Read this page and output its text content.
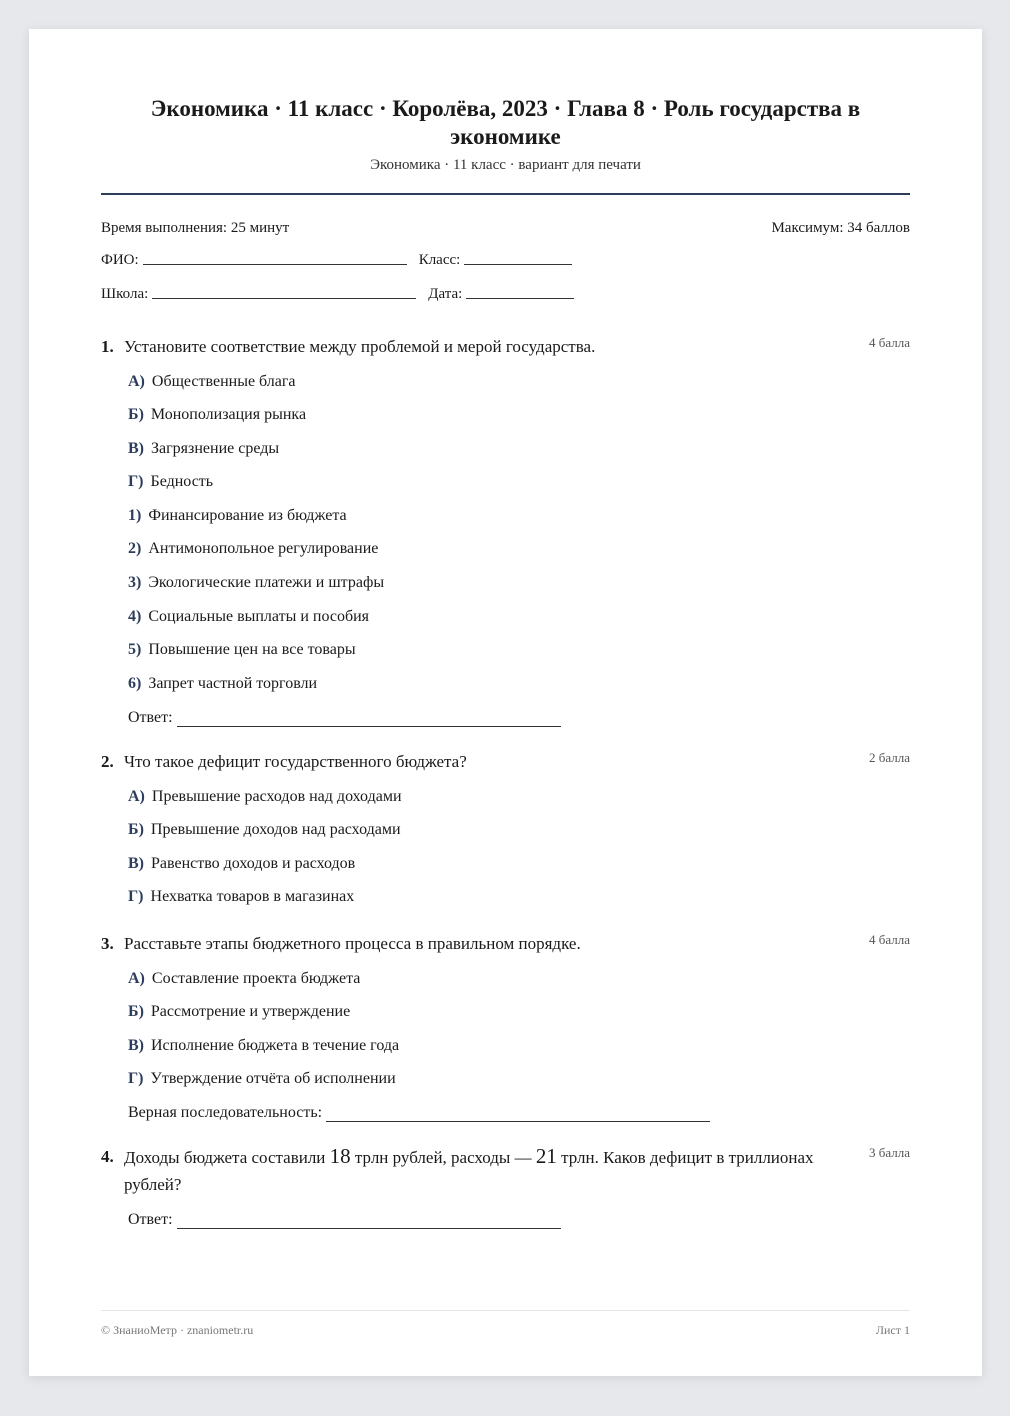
Экономика · 11 класс · Королёва, 2023 · Глава 8 · Роль государства в экономике
Экономика · 11 класс · вариант для печати
Время выполнения: 25 минут	Максимум: 34 баллов
ФИО:	Класс:
Школа:	Дата:
1. Установите соответствие между проблемой и мерой государства.	4 балла
А) Общественные блага
Б) Монополизация рынка
В) Загрязнение среды
Г) Бедность
1) Финансирование из бюджета
2) Антимонопольное регулирование
3) Экологические платежи и штрафы
4) Социальные выплаты и пособия
5) Повышение цен на все товары
6) Запрет частной торговли
Ответ:
2. Что такое дефицит государственного бюджета?	2 балла
А) Превышение расходов над доходами
Б) Превышение доходов над расходами
В) Равенство доходов и расходов
Г) Нехватка товаров в магазинах
3. Расставьте этапы бюджетного процесса в правильном порядке.	4 балла
А) Составление проекта бюджета
Б) Рассмотрение и утверждение
В) Исполнение бюджета в течение года
Г) Утверждение отчёта об исполнении
Верная последовательность:
4. Доходы бюджета составили 18 трлн рублей, расходы — 21 трлн. Каков дефицит в триллионах рублей?
3 балла
Ответ:
© ЗнаниоМетр · znaniometr.ru	Лист 1
